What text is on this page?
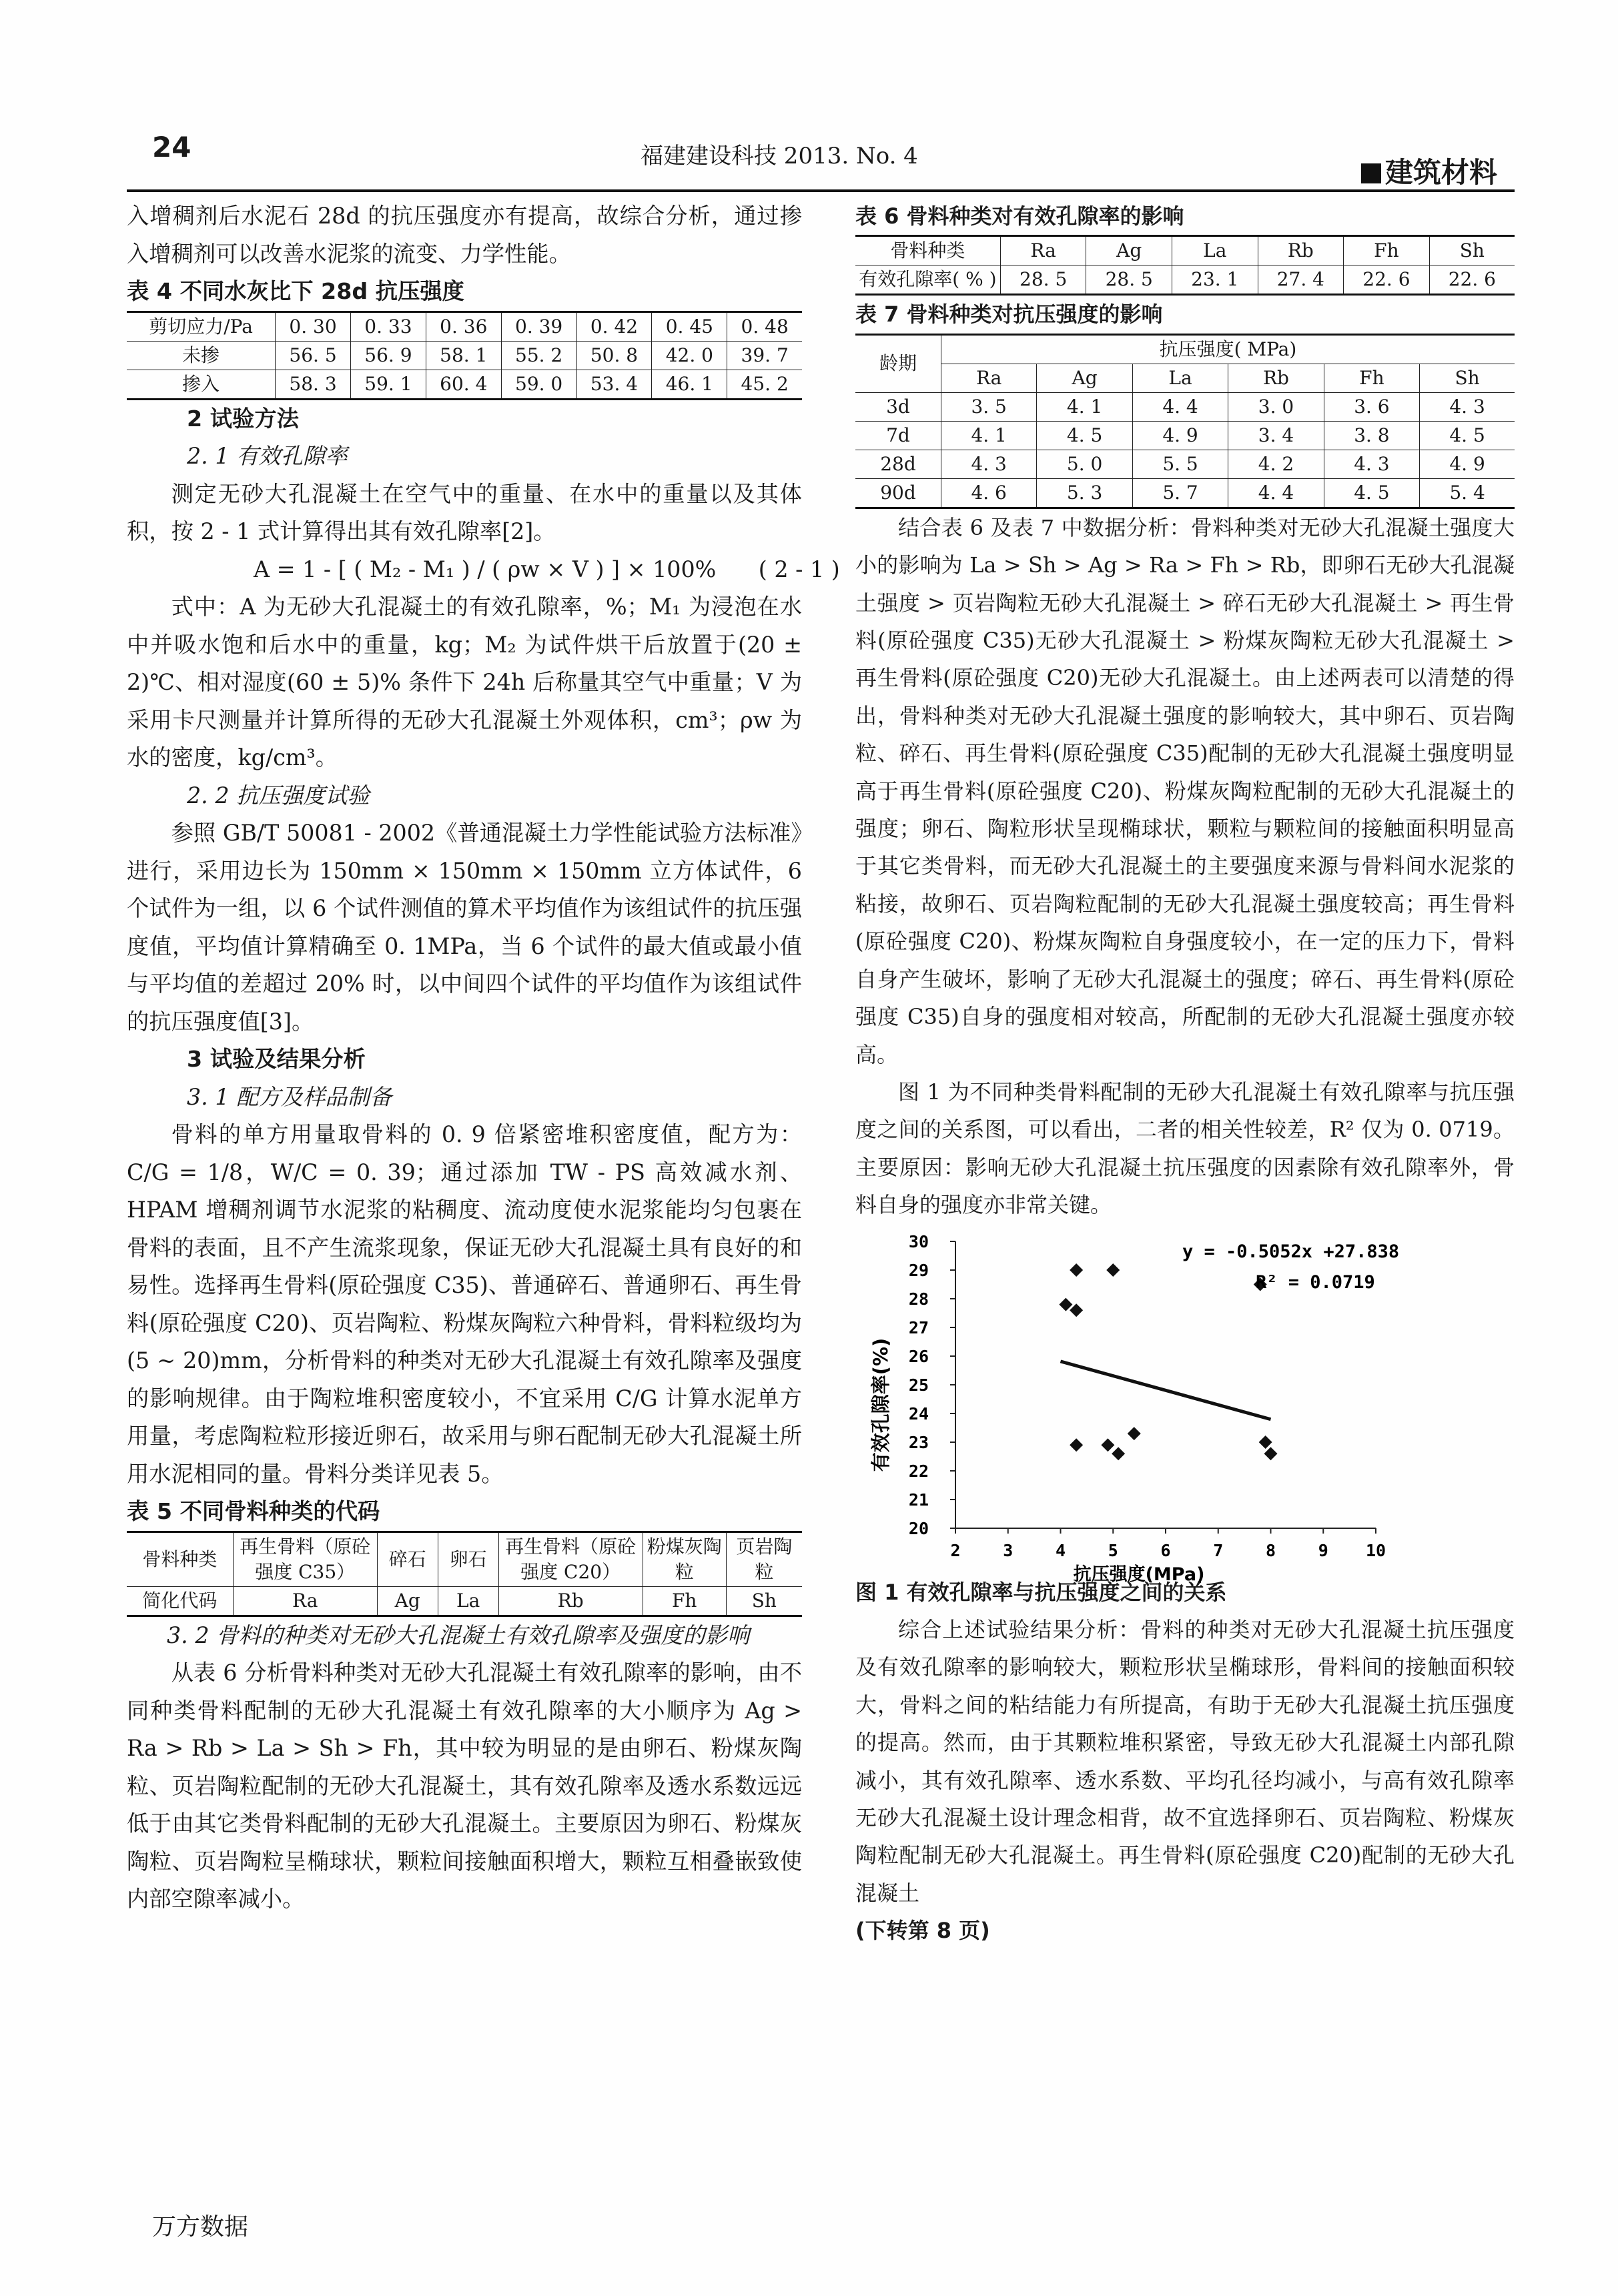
24	福建建设科技 2013. No. 4	建筑材料

入增稠剂后水泥石 28d 的抗压强度亦有提高，故综合分析，通过掺入增稠剂可以改善水泥浆的流变、力学性能。

表 4 不同水灰比下 28d 抗压强度

剪切应力/Pa	0. 30	0. 33	0. 36	0. 39	0. 42	0. 45	0. 48
未掺	56. 5	56. 9	58. 1	55. 2	50. 8	42. 0	39. 7
掺入	58. 3	59. 1	60. 4	59. 0	53. 4	46. 1	45. 2

2 试验方法

2. 1 有效孔隙率

测定无砂大孔混凝土在空气中的重量、在水中的重量以及其体积，按 2 - 1 式计算得出其有效孔隙率[2]。

A = 1 - [ ( M₂ - M₁ ) / ( ρw × V ) ] × 100%      ( 2 - 1 )

式中：A 为无砂大孔混凝土的有效孔隙率，%；M₁ 为浸泡在水中并吸水饱和后水中的重量，kg；M₂ 为试件烘干后放置于(20 ± 2)℃、相对湿度(60 ± 5)% 条件下 24h 后称量其空气中重量；V 为采用卡尺测量并计算所得的无砂大孔混凝土外观体积，cm³；ρw 为水的密度，kg/cm³。

2. 2 抗压强度试验

参照 GB/T 50081 - 2002《普通混凝土力学性能试验方法标准》进行，采用边长为 150mm × 150mm × 150mm 立方体试件，6 个试件为一组，以 6 个试件测值的算术平均值作为该组试件的抗压强度值，平均值计算精确至 0. 1MPa，当 6 个试件的最大值或最小值与平均值的差超过 20% 时，以中间四个试件的平均值作为该组试件的抗压强度值[3]。

3 试验及结果分析

3. 1 配方及样品制备

骨料的单方用量取骨料的 0. 9 倍紧密堆积密度值，配方为：C/G = 1/8，W/C = 0. 39；通过添加 TW - PS 高效减水剂、HPAM 增稠剂调节水泥浆的粘稠度、流动度使水泥浆能均匀包裹在骨料的表面，且不产生流浆现象，保证无砂大孔混凝土具有良好的和易性。选择再生骨料(原砼强度 C35)、普通碎石、普通卵石、再生骨料(原砼强度 C20)、页岩陶粒、粉煤灰陶粒六种骨料，骨料粒级均为(5 ~ 20)mm，分析骨料的种类对无砂大孔混凝土有效孔隙率及强度的影响规律。由于陶粒堆积密度较小，不宜采用 C/G 计算水泥单方用量，考虑陶粒粒形接近卵石，故采用与卵石配制无砂大孔混凝土所用水泥相同的量。骨料分类详见表 5。

表 5 不同骨料种类的代码

骨料种类	再生骨料（原砼强度 C35）	碎石	卵石	再生骨料（原砼强度 C20）	粉煤灰陶粒	页岩陶粒
简化代码	Ra	Ag	La	Rb	Fh	Sh

3. 2 骨料的种类对无砂大孔混凝土有效孔隙率及强度的影响

从表 6 分析骨料种类对无砂大孔混凝土有效孔隙率的影响，由不同种类骨料配制的无砂大孔混凝土有效孔隙率的大小顺序为 Ag > Ra > Rb > La > Sh > Fh，其中较为明显的是由卵石、粉煤灰陶粒、页岩陶粒配制的无砂大孔混凝土，其有效孔隙率及透水系数远远低于由其它类骨料配制的无砂大孔混凝土。主要原因为卵石、粉煤灰陶粒、页岩陶粒呈椭球状，颗粒间接触面积增大，颗粒互相叠嵌致使内部空隙率减小。

表 6 骨料种类对有效孔隙率的影响

骨料种类	Ra	Ag	La	Rb	Fh	Sh
有效孔隙率( % )	28. 5	28. 5	23. 1	27. 4	22. 6	22. 6

表 7 骨料种类对抗压强度的影响

龄期	抗压强度( MPa)					
	Ra	Ag	La	Rb	Fh	Sh
3d	3. 5	4. 1	4. 4	3. 0	3. 6	4. 3
7d	4. 1	4. 5	4. 9	3. 4	3. 8	4. 5
28d	4. 3	5. 0	5. 5	4. 2	4. 3	4. 9
90d	4. 6	5. 3	5. 7	4. 4	4. 5	5. 4

结合表 6 及表 7 中数据分析：骨料种类对无砂大孔混凝土强度大小的影响为 La > Sh > Ag > Ra > Fh > Rb，即卵石无砂大孔混凝土强度 > 页岩陶粒无砂大孔混凝土 > 碎石无砂大孔混凝土 > 再生骨料(原砼强度 C35)无砂大孔混凝土 > 粉煤灰陶粒无砂大孔混凝土 > 再生骨料(原砼强度 C20)无砂大孔混凝土。由上述两表可以清楚的得出，骨料种类对无砂大孔混凝土强度的影响较大，其中卵石、页岩陶粒、碎石、再生骨料(原砼强度 C35)配制的无砂大孔混凝土强度明显高于再生骨料(原砼强度 C20)、粉煤灰陶粒配制的无砂大孔混凝土的强度；卵石、陶粒形状呈现椭球状，颗粒与颗粒间的接触面积明显高于其它类骨料，而无砂大孔混凝土的主要强度来源与骨料间水泥浆的粘接，故卵石、页岩陶粒配制的无砂大孔混凝土强度较高；再生骨料(原砼强度 C20)、粉煤灰陶粒自身强度较小，在一定的压力下，骨料自身产生破坏，影响了无砂大孔混凝土的强度；碎石、再生骨料(原砼强度 C35)自身的强度相对较高，所配制的无砂大孔混凝土强度亦较高。

图 1 为不同种类骨料配制的无砂大孔混凝土有效孔隙率与抗压强度之间的关系图，可以看出，二者的相关性较差，R² 仅为 0. 0719。主要原因：影响无砂大孔混凝土抗压强度的因素除有效孔隙率外，骨料自身的强度亦非常关键。

20
21
22
23
24
25
26
27
28
29
30
2	3	4	5	6	7	8	9 10
抗压强度(MPa)
有效孔隙率(%)
y = -0.5052x +27.838
R² = 0.0719

图 1 有效孔隙率与抗压强度之间的关系

综合上述试验结果分析：骨料的种类对无砂大孔混凝土抗压强度及有效孔隙率的影响较大，颗粒形状呈椭球形，骨料间的接触面积较大，骨料之间的粘结能力有所提高，有助于无砂大孔混凝土抗压强度的提高。然而，由于其颗粒堆积紧密，导致无砂大孔混凝土内部孔隙减小，其有效孔隙率、透水系数、平均孔径均减小，与高有效孔隙率无砂大孔混凝土设计理念相背，故不宜选择卵石、页岩陶粒、粉煤灰陶粒配制无砂大孔混凝土。再生骨料(原砼强度 C20)配制的无砂大孔混凝土

(下转第 8 页)

万方数据
